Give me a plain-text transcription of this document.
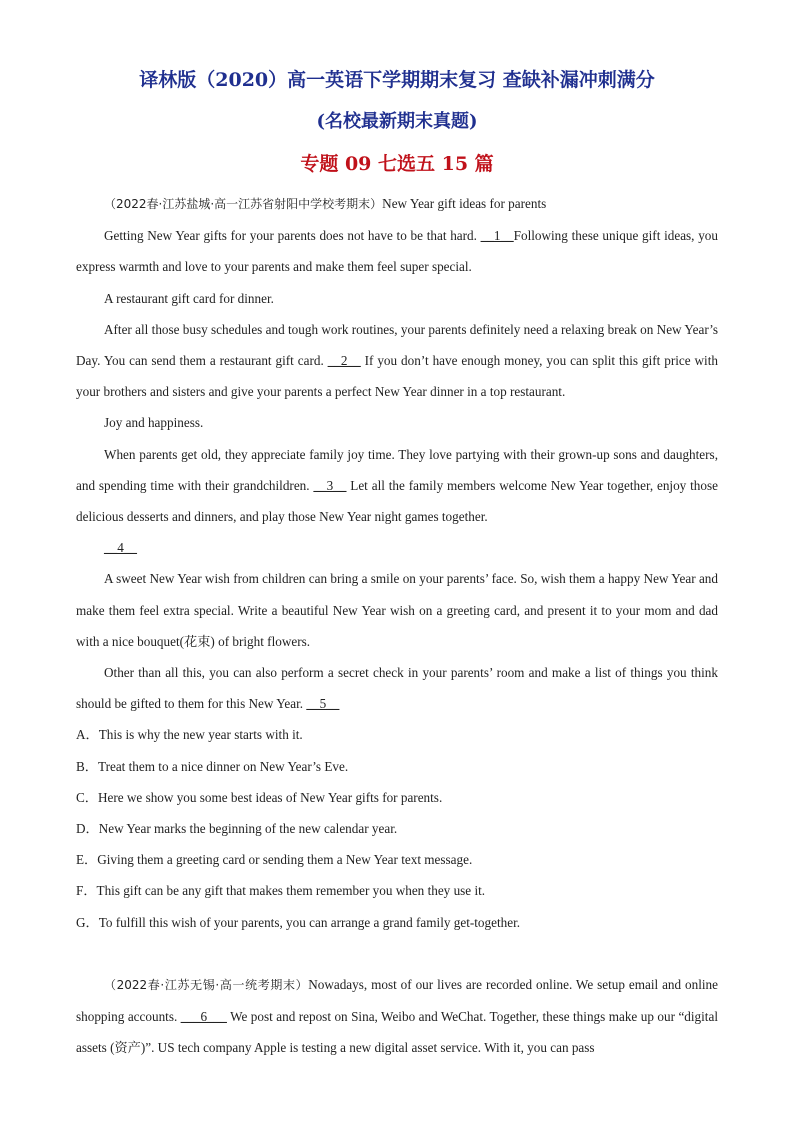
译林版（2020）高一英语下学期期末复习 查缺补漏冲刺满分
(名校最新期末真题)
专题 09 七选五 15 篇

（2022春·江苏盐城·高一江苏省射阳中学校考期末）New Year gift ideas for parents

Getting New Year gifts for your parents does not have to be that hard. __1__Following these unique gift ideas, you express warmth and love to your parents and make them feel super special.

A restaurant gift card for dinner.

After all those busy schedules and tough work routines, your parents definitely need a relaxing break on New Year’s Day. You can send them a restaurant gift card. __2__ If you don’t have enough money, you can split this gift price with your brothers and sisters and give your parents a perfect New Year dinner in a top restaurant.

Joy and happiness.

When parents get old, they appreciate family joy time. They love partying with their grown-up sons and daughters, and spending time with their grandchildren. __3__ Let all the family members welcome New Year together, enjoy those delicious desserts and dinners, and play those New Year night games together.

__4__

A sweet New Year wish from children can bring a smile on your parents’ face. So, wish them a happy New Year and make them feel extra special. Write a beautiful New Year wish on a greeting card, and present it to your mom and dad with a nice bouquet(花束) of bright flowers.

Other than all this, you can also perform a secret check in your parents’ room and make a list of things you think should be gifted to them for this New Year. __5__

A．This is why the new year starts with it.

B．Treat them to a nice dinner on New Year’s Eve.

C．Here we show you some best ideas of New Year gifts for parents.

D．New Year marks the beginning of the new calendar year.

E．Giving them a greeting card or sending them a New Year text message.

F．This gift can be any gift that makes them remember you when they use it.

G．To fulfill this wish of your parents, you can arrange a grand family get-together.

（2022春·江苏无锡·高一统考期末）Nowadays, most of our lives are recorded online. We setup email and online shopping accounts. ___6___ We post and repost on Sina, Weibo and WeChat. Together, these things make up our “digital assets (资产)”. US tech company Apple is testing a new digital asset service. With it, you can pass
